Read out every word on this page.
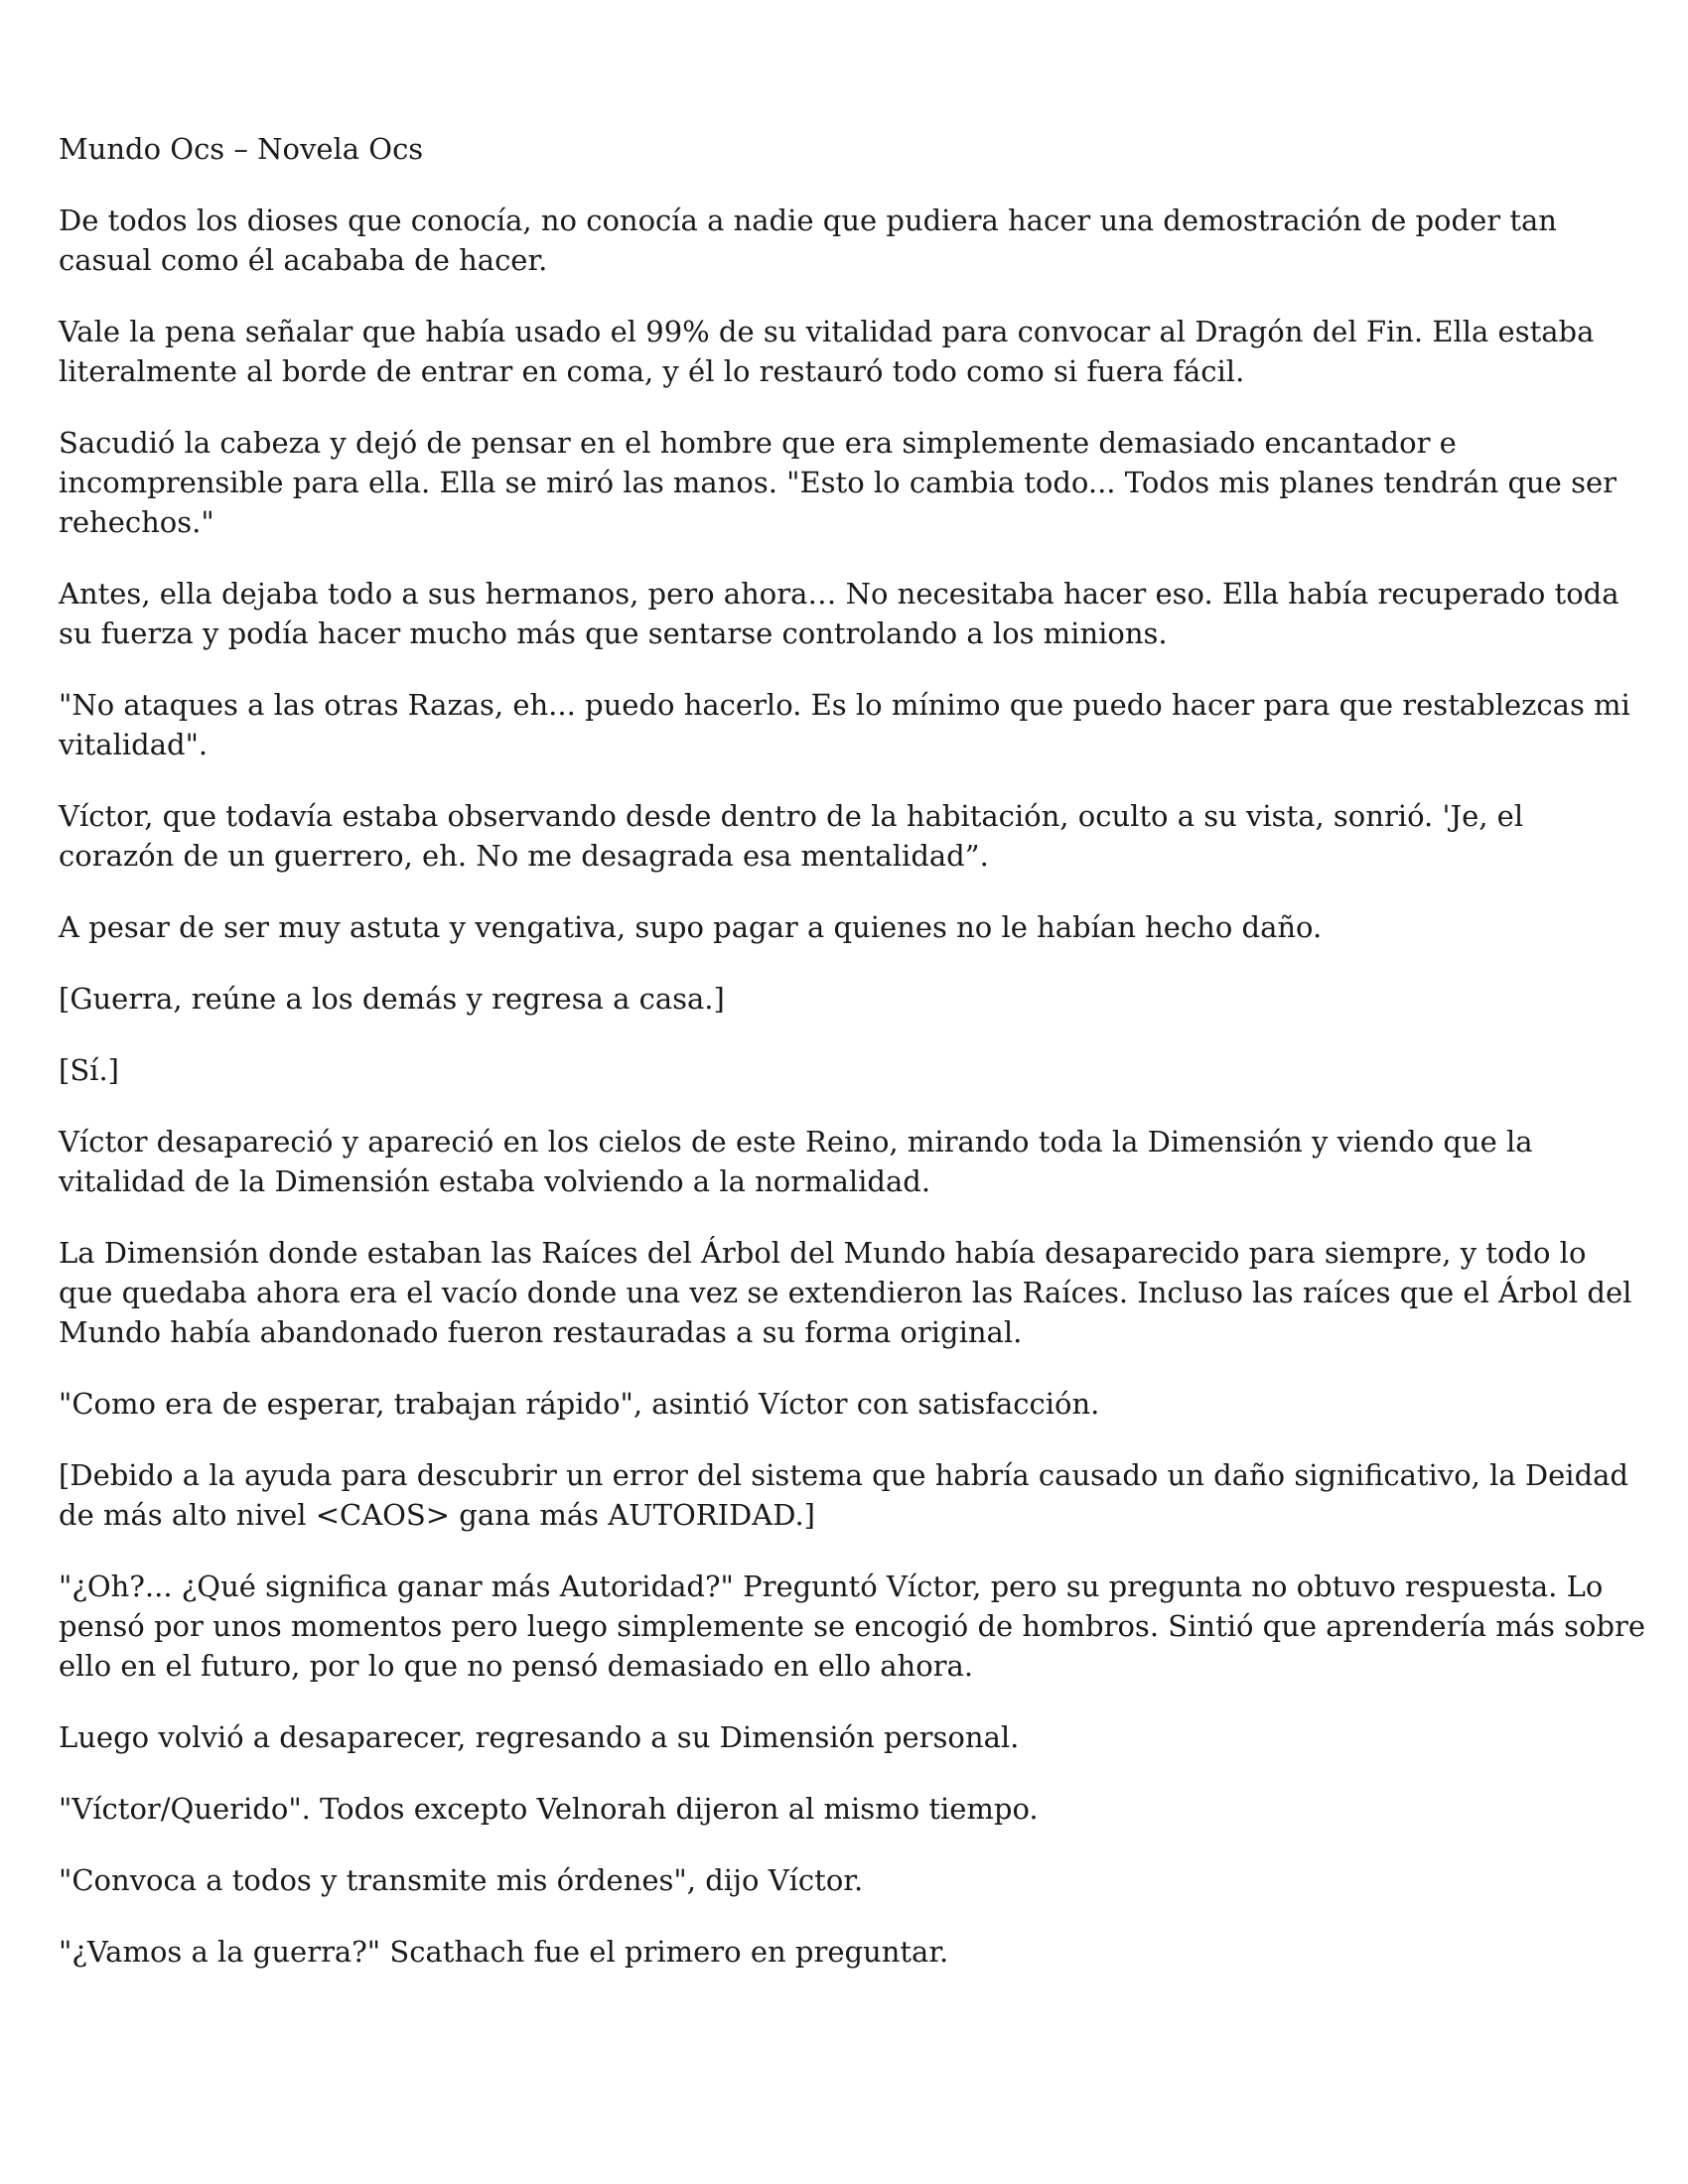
Mundo Ocs – Novela Ocs

De todos los dioses que conocía, no conocía a nadie que pudiera hacer una demostración de poder tan casual como él acababa de hacer.

Vale la pena señalar que había usado el 99% de su vitalidad para convocar al Dragón del Fin. Ella estaba literalmente al borde de entrar en coma, y él lo restauró todo como si fuera fácil.

Sacudió la cabeza y dejó de pensar en el hombre que era simplemente demasiado encantador e incomprensible para ella. Ella se miró las manos. "Esto lo cambia todo... Todos mis planes tendrán que ser rehechos."

Antes, ella dejaba todo a sus hermanos, pero ahora… No necesitaba hacer eso. Ella había recuperado toda su fuerza y podía hacer mucho más que sentarse controlando a los minions.

"No ataques a las otras Razas, eh... puedo hacerlo. Es lo mínimo que puedo hacer para que restablezcas mi vitalidad".

Víctor, que todavía estaba observando desde dentro de la habitación, oculto a su vista, sonrió. 'Je, el corazón de un guerrero, eh. No me desagrada esa mentalidad”.

A pesar de ser muy astuta y vengativa, supo pagar a quienes no le habían hecho daño.

[Guerra, reúne a los demás y regresa a casa.]

[Sí.]

Víctor desapareció y apareció en los cielos de este Reino, mirando toda la Dimensión y viendo que la vitalidad de la Dimensión estaba volviendo a la normalidad.

La Dimensión donde estaban las Raíces del Árbol del Mundo había desaparecido para siempre, y todo lo que quedaba ahora era el vacío donde una vez se extendieron las Raíces. Incluso las raíces que el Árbol del Mundo había abandonado fueron restauradas a su forma original.

"Como era de esperar, trabajan rápido", asintió Víctor con satisfacción.

[Debido a la ayuda para descubrir un error del sistema que habría causado un daño significativo, la Deidad de más alto nivel <CAOS> gana más AUTORIDAD.]

"¿Oh?... ¿Qué significa ganar más Autoridad?" Preguntó Víctor, pero su pregunta no obtuvo respuesta. Lo pensó por unos momentos pero luego simplemente se encogió de hombros. Sintió que aprendería más sobre ello en el futuro, por lo que no pensó demasiado en ello ahora.

Luego volvió a desaparecer, regresando a su Dimensión personal.

"Víctor/Querido". Todos excepto Velnorah dijeron al mismo tiempo.

"Convoca a todos y transmite mis órdenes", dijo Víctor.

"¿Vamos a la guerra?" Scathach fue el primero en preguntar.
